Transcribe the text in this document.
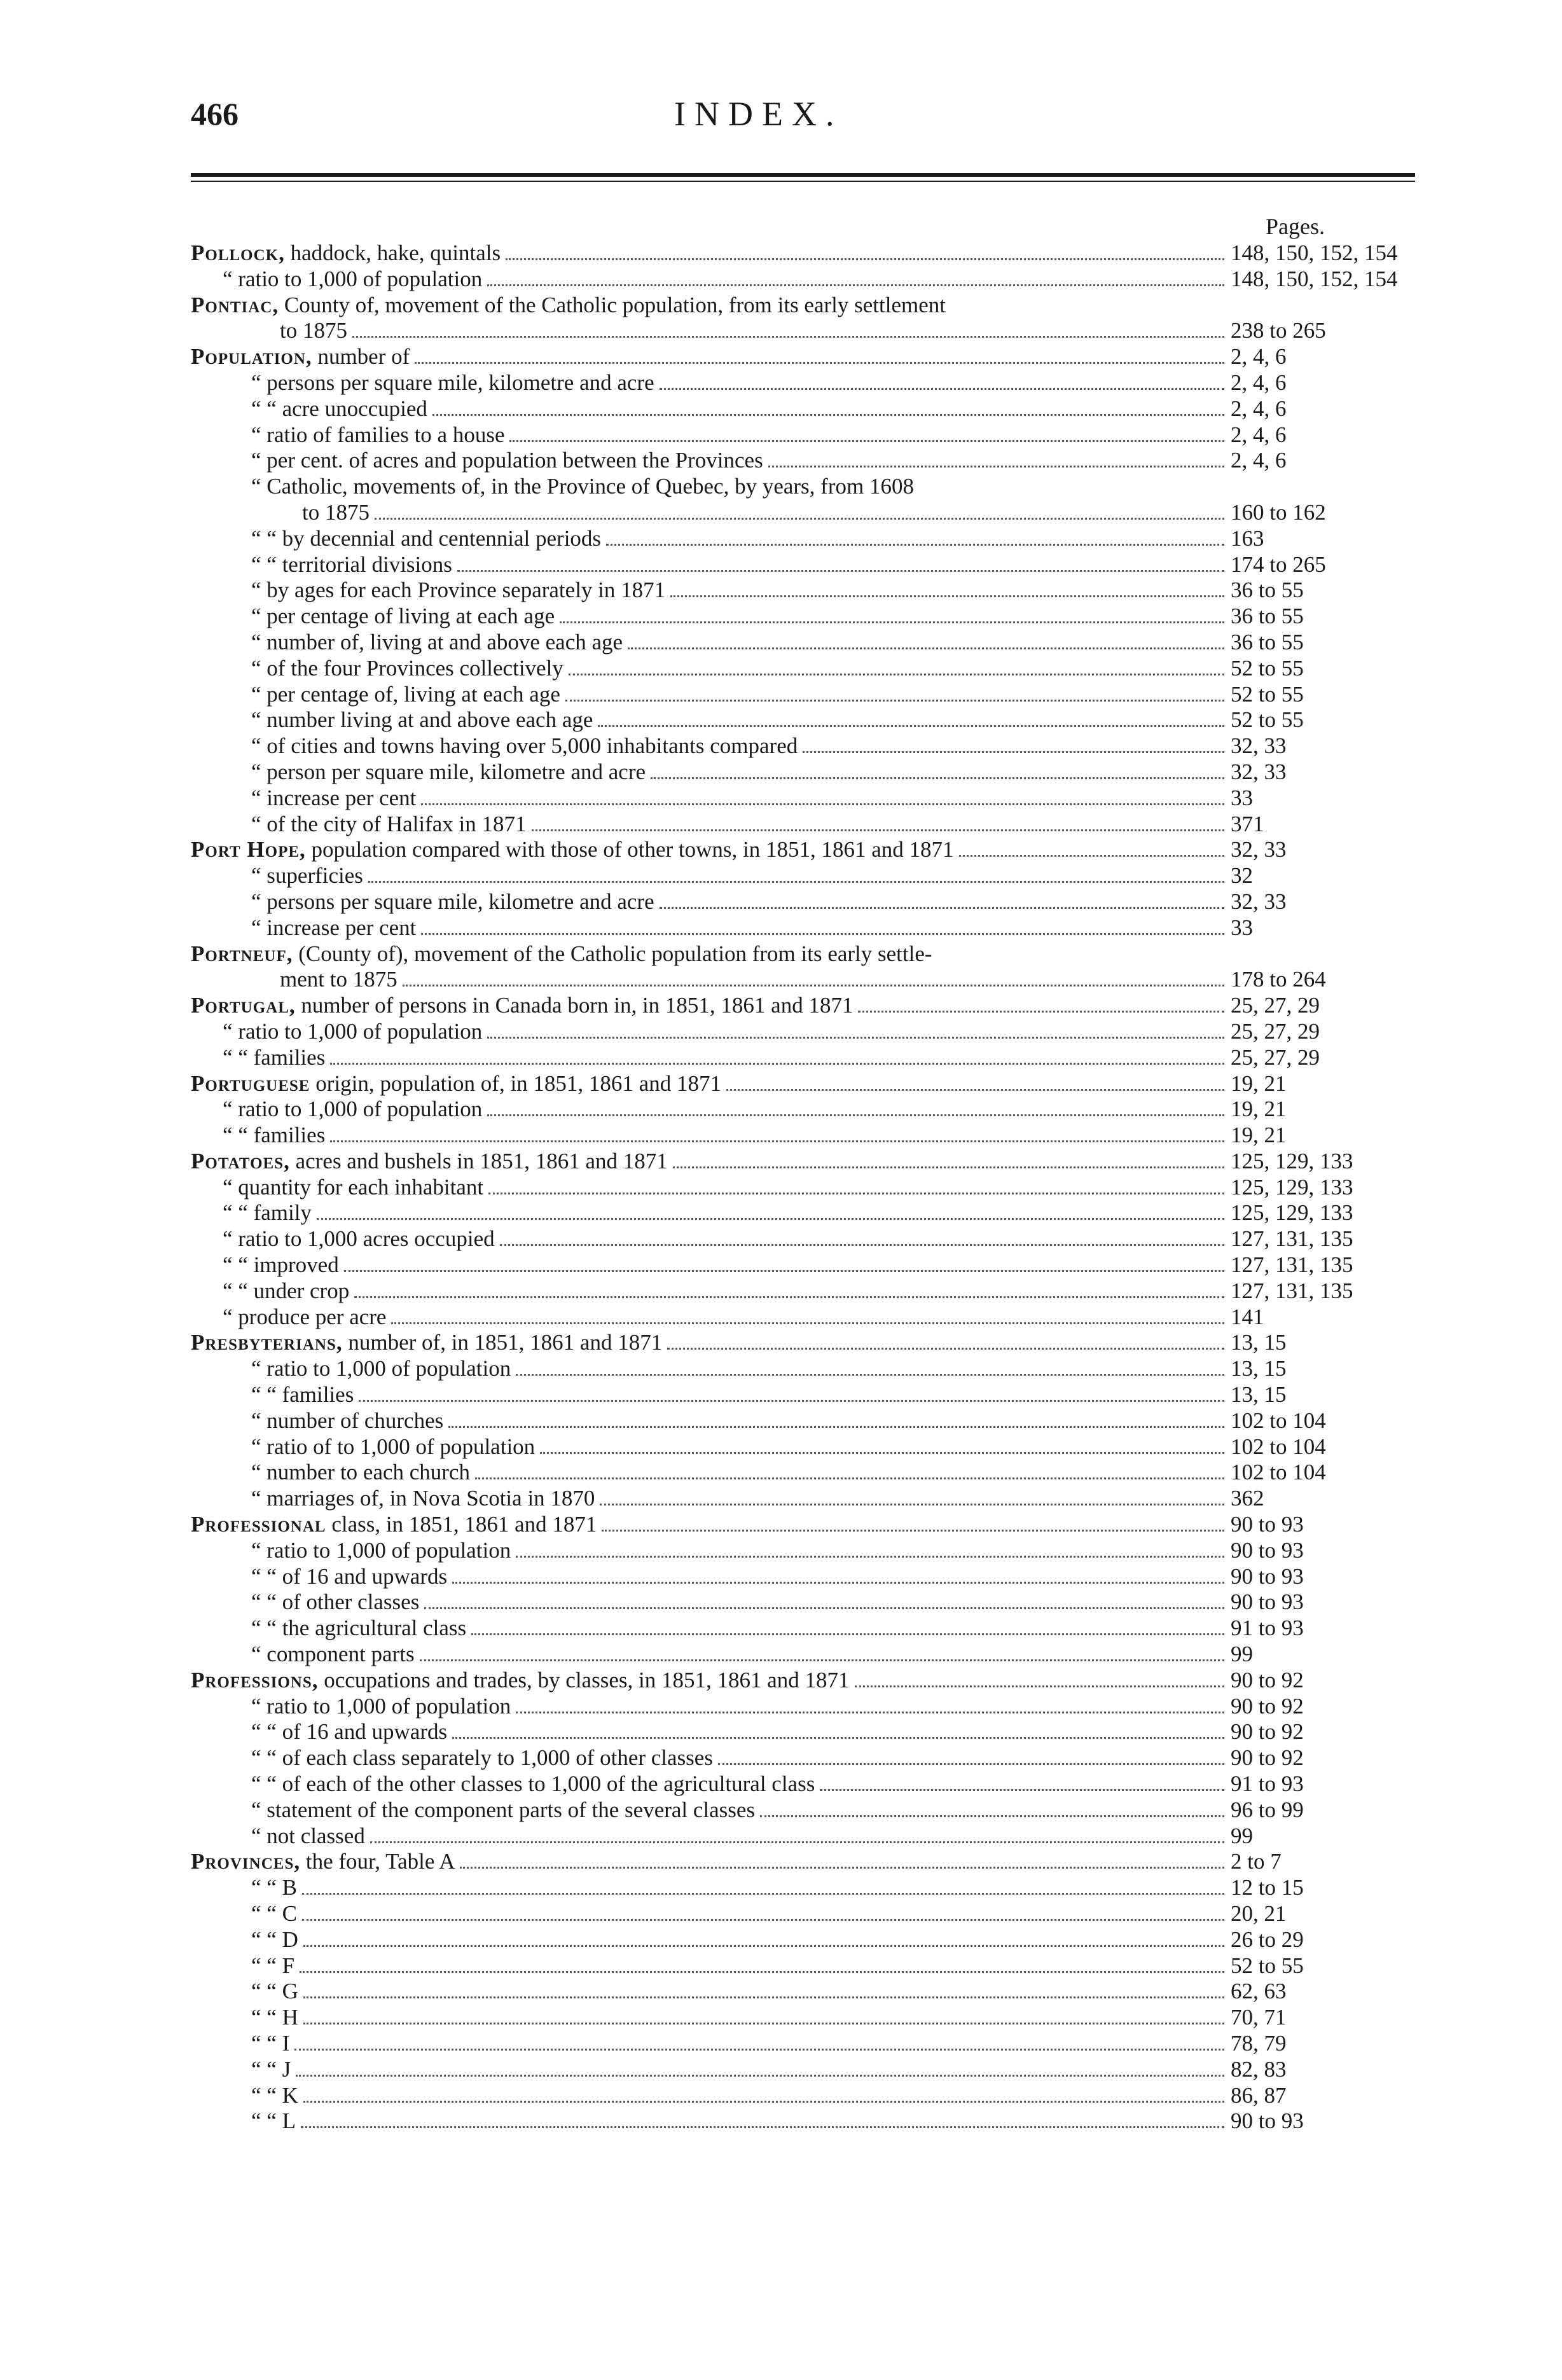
466	INDEX.
Pages.
Pollock, haddock, hake, quintals	148, 150, 152, 154
“ ratio to 1,000 of population	148, 150, 152, 154
Pontiac, County of, movement of the Catholic population, from its early settlement
to 1875	238 to 265
Population, number of	2, 4, 6
“ persons per square mile, kilometre and acre	2, 4, 6
“ “ acre unoccupied	2, 4, 6
“ ratio of families to a house	2, 4, 6
“ per cent. of acres and population between the Provinces	2, 4, 6
“ Catholic, movements of, in the Province of Quebec, by years, from 1608
to 1875	160 to 162
“ “ by decennial and centennial periods	163
“ “ territorial divisions	174 to 265
“ by ages for each Province separately in 1871	36 to 55
“ per centage of living at each age	36 to 55
“ number of, living at and above each age	36 to 55
“ of the four Provinces collectively	52 to 55
“ per centage of, living at each age	52 to 55
“ number living at and above each age	52 to 55
“ of cities and towns having over 5,000 inhabitants compared	32, 33
“ person per square mile, kilometre and acre	32, 33
“ increase per cent	33
“ of the city of Halifax in 1871	371
Port Hope, population compared with those of other towns, in 1851, 1861 and 1871	32, 33
“ superficies	32
“ persons per square mile, kilometre and acre	32, 33
“ increase per cent	33
Portneuf, (County of), movement of the Catholic population from its early settle-
ment to 1875	178 to 264
Portugal, number of persons in Canada born in, in 1851, 1861 and 1871	25, 27, 29
“ ratio to 1,000 of population	25, 27, 29
“ “ families	25, 27, 29
Portuguese origin, population of, in 1851, 1861 and 1871	19, 21
“ ratio to 1,000 of population	19, 21
“ “ families	19, 21
Potatoes, acres and bushels in 1851, 1861 and 1871	125, 129, 133
“ quantity for each inhabitant	125, 129, 133
“ “ family	125, 129, 133
“ ratio to 1,000 acres occupied	127, 131, 135
“ “ improved	127, 131, 135
“ “ under crop	127, 131, 135
“ produce per acre	141
Presbyterians, number of, in 1851, 1861 and 1871	13, 15
“ ratio to 1,000 of population	13, 15
“ “ families	13, 15
“ number of churches	102 to 104
“ ratio of to 1,000 of population	102 to 104
“ number to each church	102 to 104
“ marriages of, in Nova Scotia in 1870	362
Professional class, in 1851, 1861 and 1871	90 to 93
“ ratio to 1,000 of population	90 to 93
“ “ of 16 and upwards	90 to 93
“ “ of other classes	90 to 93
“ “ the agricultural class	91 to 93
“ component parts	99
Professions, occupations and trades, by classes, in 1851, 1861 and 1871	90 to 92
“ ratio to 1,000 of population	90 to 92
“ “ of 16 and upwards	90 to 92
“ “ of each class separately to 1,000 of other classes	90 to 92
“ “ of each of the other classes to 1,000 of the agricultural class	91 to 93
“ statement of the component parts of the several classes	96 to 99
“ not classed	99
Provinces, the four, Table A	2 to 7
“ “ B	12 to 15
“ “ C	20, 21
“ “ D	26 to 29
“ “ F	52 to 55
“ “ G	62, 63
“ “ H	70, 71
“ “ I	78, 79
“ “ J	82, 83
“ “ K	86, 87
“ “ L	90 to 93
